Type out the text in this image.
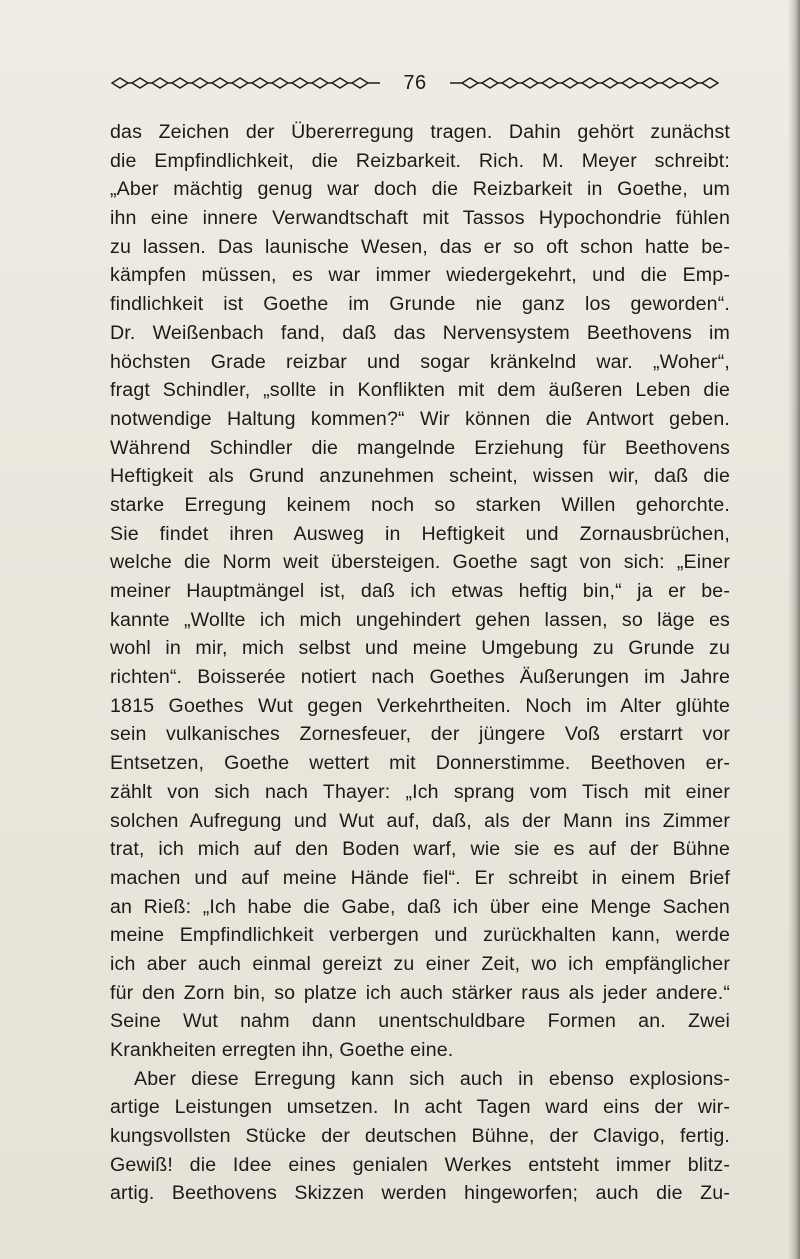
76
das Zeichen der Übererregung tragen. Dahin gehört zunächst
die Empfindlichkeit, die Reizbarkeit. Rich. M. Meyer schreibt:
„Aber mächtig genug war doch die Reizbarkeit in Goethe, um
ihn eine innere Verwandtschaft mit Tassos Hypochondrie fühlen
zu lassen. Das launische Wesen, das er so oft schon hatte be-
kämpfen müssen, es war immer wiedergekehrt, und die Emp-
findlichkeit ist Goethe im Grunde nie ganz los geworden“.
Dr. Weißenbach fand, daß das Nervensystem Beethovens im
höchsten Grade reizbar und sogar kränkelnd war. „Woher“,
fragt Schindler, „sollte in Konflikten mit dem äußeren Leben die
notwendige Haltung kommen?“ Wir können die Antwort geben.
Während Schindler die mangelnde Erziehung für Beethovens
Heftigkeit als Grund anzunehmen scheint, wissen wir, daß die
starke Erregung keinem noch so starken Willen gehorchte.
Sie findet ihren Ausweg in Heftigkeit und Zornausbrüchen,
welche die Norm weit übersteigen. Goethe sagt von sich: „Einer
meiner Hauptmängel ist, daß ich etwas heftig bin,“ ja er be-
kannte „Wollte ich mich ungehindert gehen lassen, so läge es
wohl in mir, mich selbst und meine Umgebung zu Grunde zu
richten“. Boisserée notiert nach Goethes Äußerungen im Jahre
1815 Goethes Wut gegen Verkehrtheiten. Noch im Alter glühte
sein vulkanisches Zornesfeuer, der jüngere Voß erstarrt vor
Entsetzen, Goethe wettert mit Donnerstimme. Beethoven er-
zählt von sich nach Thayer: „Ich sprang vom Tisch mit einer
solchen Aufregung und Wut auf, daß, als der Mann ins Zimmer
trat, ich mich auf den Boden warf, wie sie es auf der Bühne
machen und auf meine Hände fiel“. Er schreibt in einem Brief
an Rieß: „Ich habe die Gabe, daß ich über eine Menge Sachen
meine Empfindlichkeit verbergen und zurückhalten kann, werde
ich aber auch einmal gereizt zu einer Zeit, wo ich empfänglicher
für den Zorn bin, so platze ich auch stärker raus als jeder andere.“
Seine Wut nahm dann unentschuldbare Formen an. Zwei
Krankheiten erregten ihn, Goethe eine.
Aber diese Erregung kann sich auch in ebenso explosions-
artige Leistungen umsetzen. In acht Tagen ward eins der wir-
kungsvollsten Stücke der deutschen Bühne, der Clavigo, fertig.
Gewiß! die Idee eines genialen Werkes entsteht immer blitz-
artig. Beethovens Skizzen werden hingeworfen; auch die Zu-
